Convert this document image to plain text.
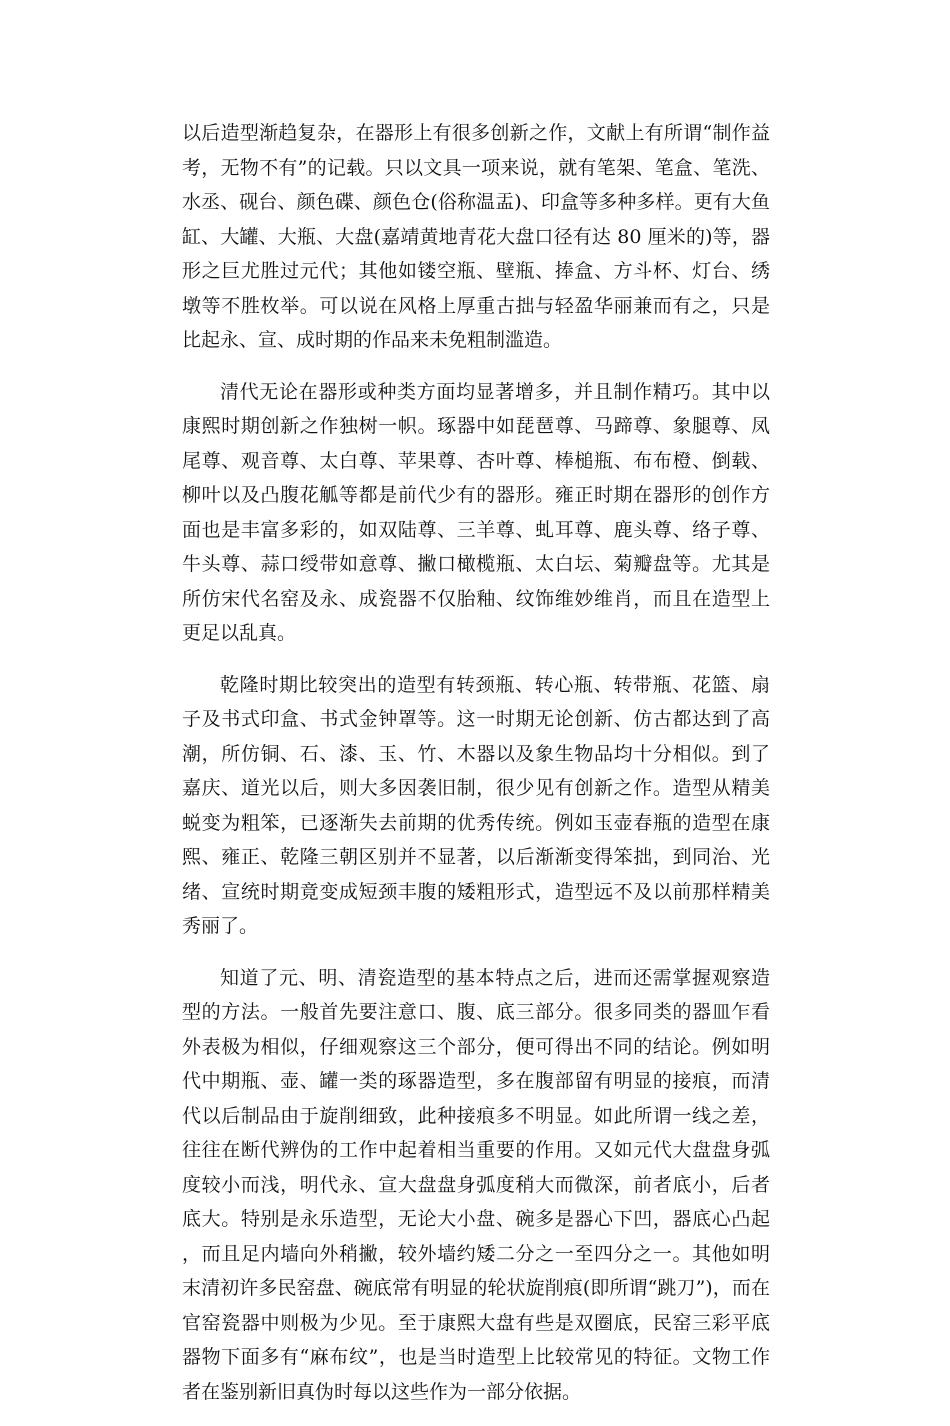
以后造型渐趋复杂，在器形上有很多创新之作，文献上有所谓“制作益考，无物不有”的记载。只以文具一项来说，就有笔架、笔盒、笔洗、水丞、砚台、颜色碟、颜色仓(俗称温盂)、印盒等多种多样。更有大鱼缸、大罐、大瓶、大盘(嘉靖黄地青花大盘口径有达 80 厘米的)等，器形之巨尤胜过元代；其他如镂空瓶、壁瓶、捧盒、方斗杯、灯台、绣墩等不胜枚举。可以说在风格上厚重古拙与轻盈华丽兼而有之，只是比起永、宣、成时期的作品来未免粗制滥造。

清代无论在器形或种类方面均显著增多，并且制作精巧。其中以康熙时期创新之作独树一帜。琢器中如琵琶尊、马蹄尊、象腿尊、凤尾尊、观音尊、太白尊、苹果尊、杏叶尊、棒槌瓶、布布橙、倒载、柳叶以及凸腹花觚等都是前代少有的器形。雍正时期在器形的创作方面也是丰富多彩的，如双陆尊、三羊尊、虬耳尊、鹿头尊、络子尊、牛头尊、蒜口绶带如意尊、撇口橄榄瓶、太白坛、菊瓣盘等。尤其是所仿宋代名窑及永、成瓷器不仅胎釉、纹饰维妙维肖，而且在造型上更足以乱真。

乾隆时期比较突出的造型有转颈瓶、转心瓶、转带瓶、花篮、扇子及书式印盒、书式金钟罩等。这一时期无论创新、仿古都达到了高潮，所仿铜、石、漆、玉、竹、木器以及象生物品均十分相似。到了嘉庆、道光以后，则大多因袭旧制，很少见有创新之作。造型从精美蜕变为粗笨，已逐渐失去前期的优秀传统。例如玉壶春瓶的造型在康熙、雍正、乾隆三朝区别并不显著，以后渐渐变得笨拙，到同治、光绪、宣统时期竟变成短颈丰腹的矮粗形式，造型远不及以前那样精美秀丽了。

知道了元、明、清瓷造型的基本特点之后，进而还需掌握观察造型的方法。一般首先要注意口、腹、底三部分。很多同类的器皿乍看外表极为相似，仔细观察这三个部分，便可得出不同的结论。例如明代中期瓶、壶、罐一类的琢器造型，多在腹部留有明显的接痕，而清代以后制品由于旋削细致，此种接痕多不明显。如此所谓一线之差，往往在断代辨伪的工作中起着相当重要的作用。又如元代大盘盘身弧度较小而浅，明代永、宣大盘盘身弧度稍大而微深，前者底小，后者底大。特别是永乐造型，无论大小盘、碗多是器心下凹，器底心凸起，而且足内墙向外稍撇，较外墙约矮二分之一至四分之一。其他如明末清初许多民窑盘、碗底常有明显的轮状旋削痕(即所谓“跳刀”)，而在官窑瓷器中则极为少见。至于康熙大盘有些是双圈底，民窑三彩平底器物下面多有“麻布纹”，也是当时造型上比较常见的特征。文物工作者在鉴别新旧真伪时每以这些作为一部分依据。
